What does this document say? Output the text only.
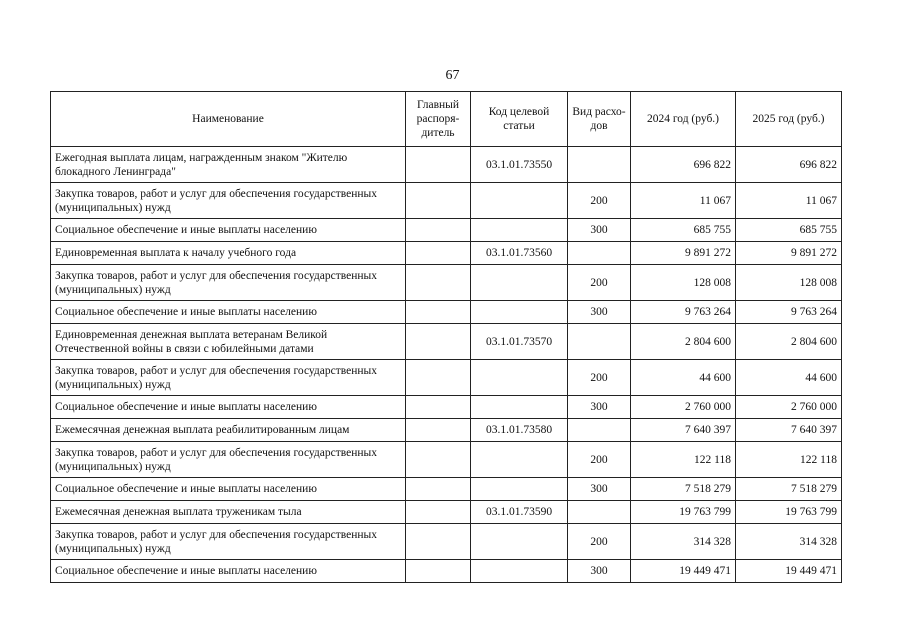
67
Наименование	Главный распоря-дитель	Код целевой статьи	Вид расхо-дов	2024 год (руб.)	2025 год (руб.)
Ежегодная выплата лицам, награжденным знаком "Жителю блокадного Ленинграда"		03.1.01.73550		696 822	696 822
Закупка товаров, работ и услуг для обеспечения государственных (муниципальных) нужд			200	11 067	11 067
Социальное обеспечение и иные выплаты населению			300	685 755	685 755
Единовременная выплата к началу учебного года		03.1.01.73560		9 891 272	9 891 272
Закупка товаров, работ и услуг для обеспечения государственных (муниципальных) нужд			200	128 008	128 008
Социальное обеспечение и иные выплаты населению			300	9 763 264	9 763 264
Единовременная денежная выплата ветеранам Великой Отечественной войны в связи с юбилейными датами		03.1.01.73570		2 804 600	2 804 600
Закупка товаров, работ и услуг для обеспечения государственных (муниципальных) нужд			200	44 600	44 600
Социальное обеспечение и иные выплаты населению			300	2 760 000	2 760 000
Ежемесячная денежная выплата реабилитированным лицам		03.1.01.73580		7 640 397	7 640 397
Закупка товаров, работ и услуг для обеспечения государственных (муниципальных) нужд			200	122 118	122 118
Социальное обеспечение и иные выплаты населению			300	7 518 279	7 518 279
Ежемесячная денежная выплата труженикам тыла		03.1.01.73590		19 763 799	19 763 799
Закупка товаров, работ и услуг для обеспечения государственных (муниципальных) нужд			200	314 328	314 328
Социальное обеспечение и иные выплаты населению			300	19 449 471	19 449 471
